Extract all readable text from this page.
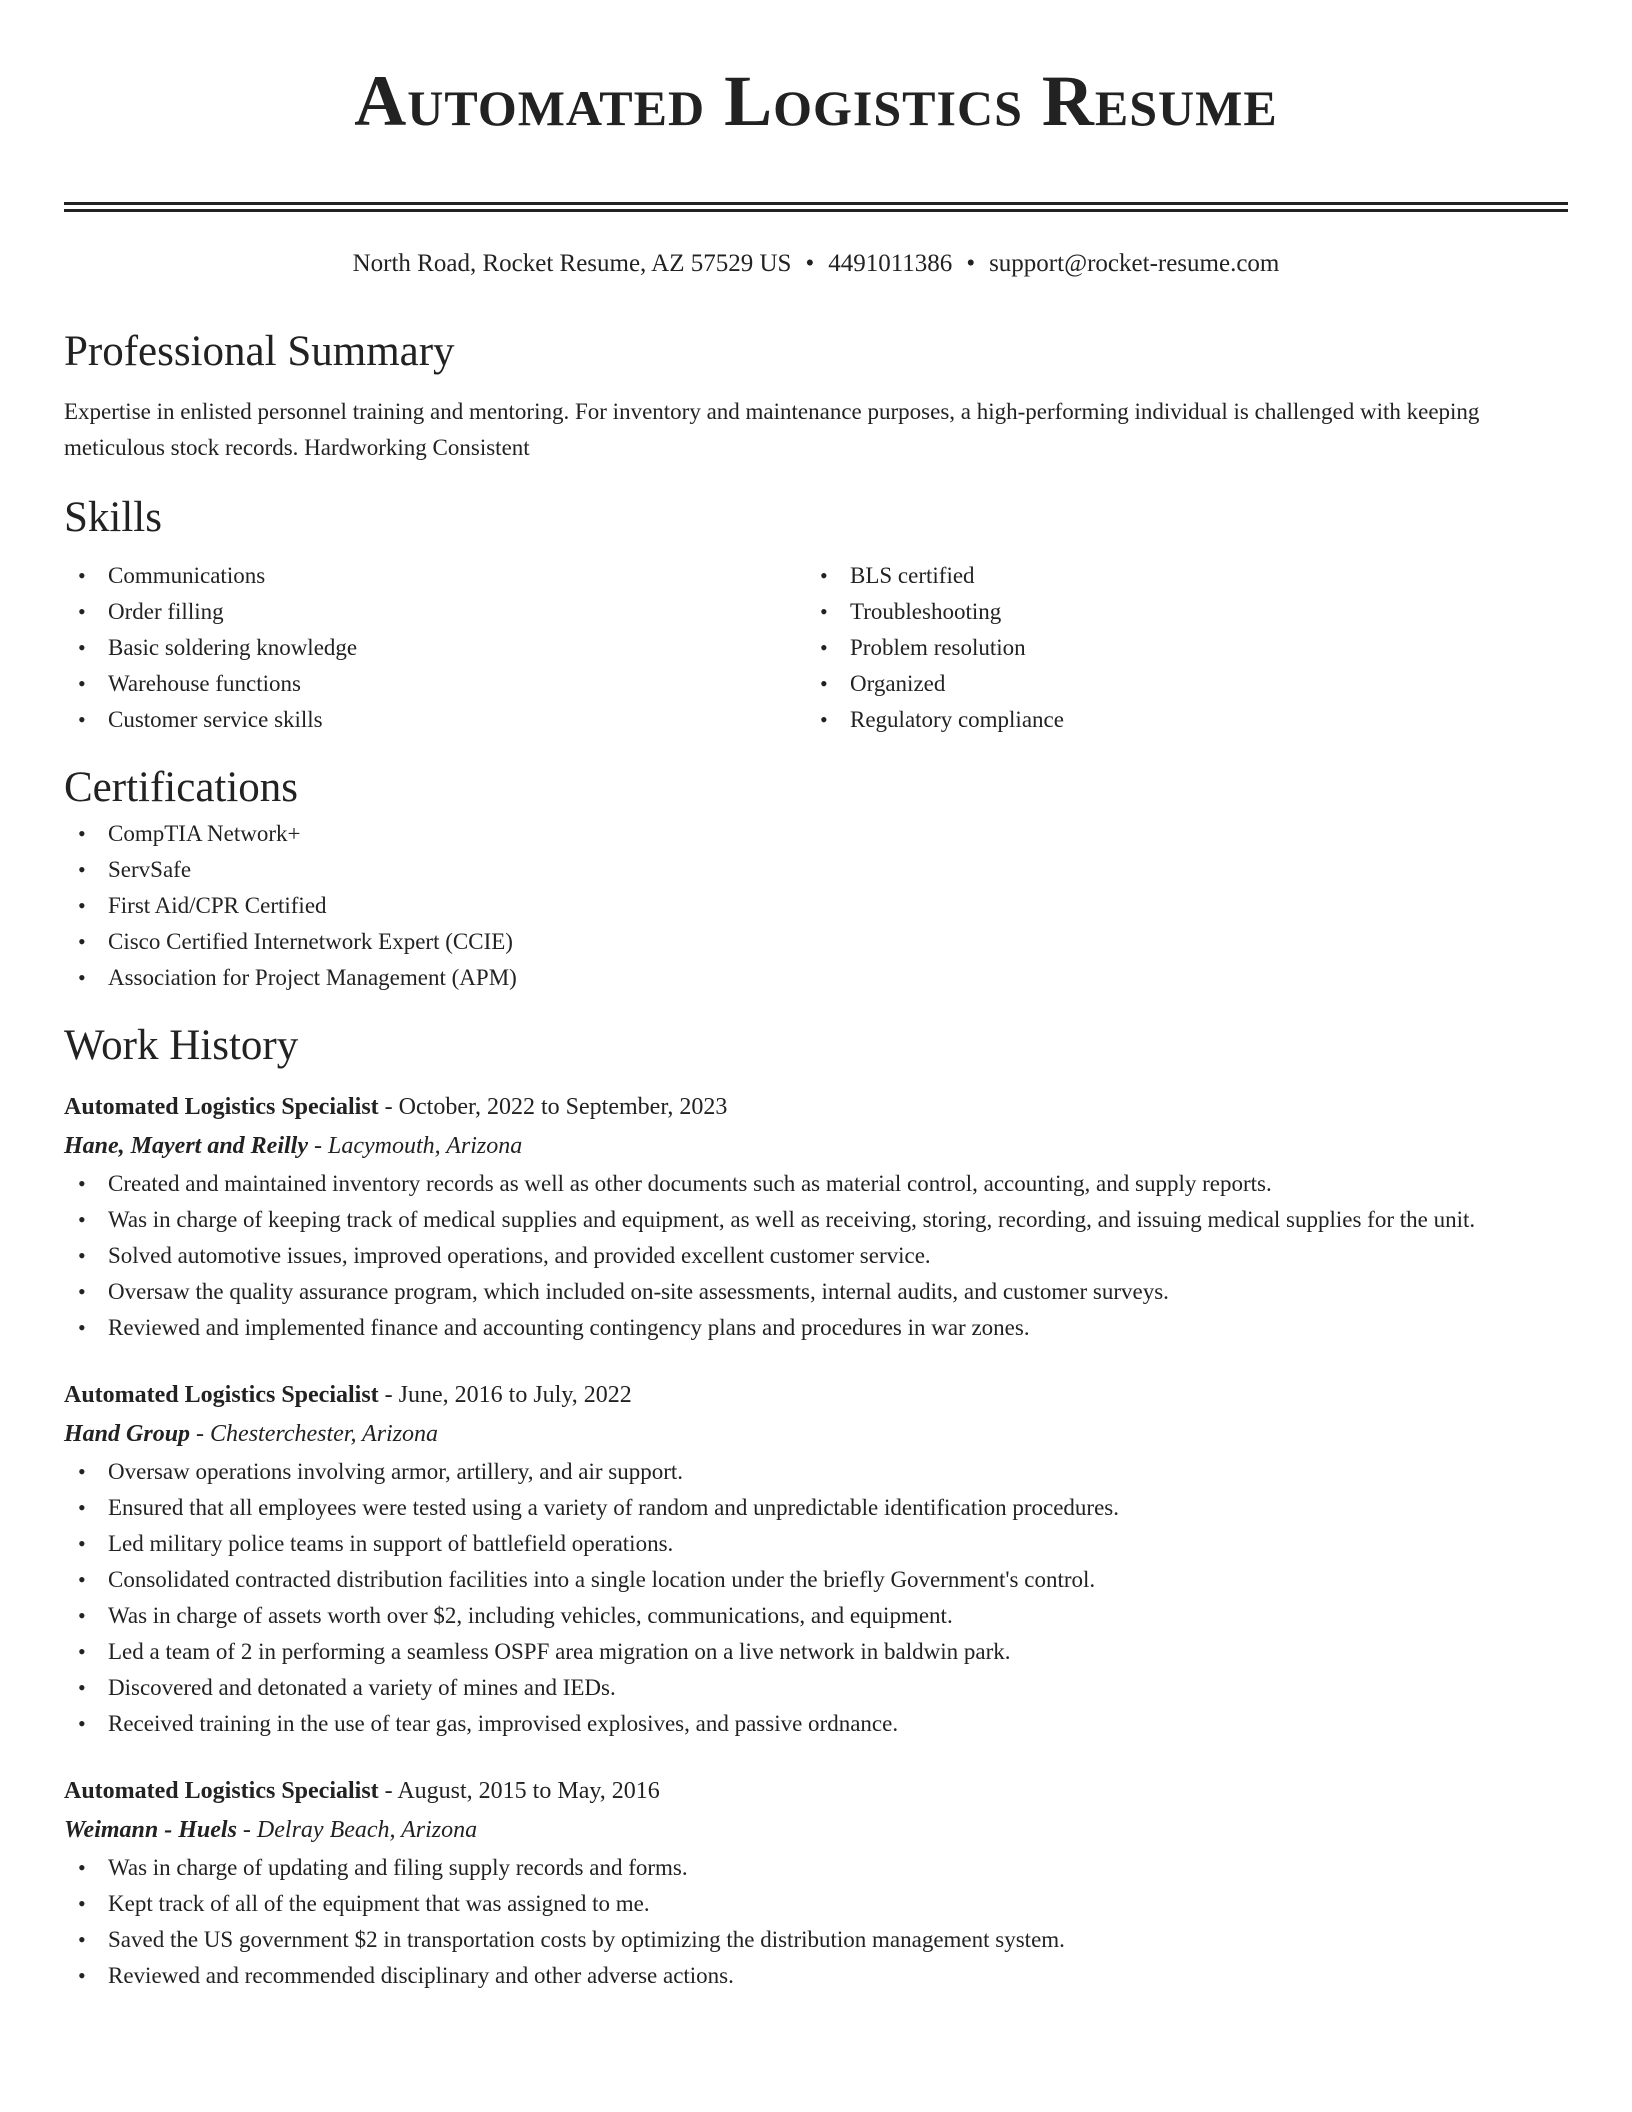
Automated Logistics Resume
North Road, Rocket Resume, AZ 57529 US • 4491011386 • support@rocket-resume.com
Professional Summary

Expertise in enlisted personnel training and mentoring. For inventory and maintenance purposes, a high-performing individual is challenged with keeping meticulous stock records. Hardworking Consistent

Skills
• Communications
• Order filling
• Basic soldering knowledge
• Warehouse functions
• Customer service skills
• BLS certified
• Troubleshooting
• Problem resolution
• Organized
• Regulatory compliance
Certifications
• CompTIA Network+
• ServSafe
• First Aid/CPR Certified
• Cisco Certified Internetwork Expert (CCIE)
• Association for Project Management (APM)
Work History
Automated Logistics Specialist - October, 2022 to September, 2023
Hane, Mayert and Reilly - Lacymouth, Arizona
• Created and maintained inventory records as well as other documents such as material control, accounting, and supply reports.
• Was in charge of keeping track of medical supplies and equipment, as well as receiving, storing, recording, and issuing medical supplies for the unit.
• Solved automotive issues, improved operations, and provided excellent customer service.
• Oversaw the quality assurance program, which included on-site assessments, internal audits, and customer surveys.
• Reviewed and implemented finance and accounting contingency plans and procedures in war zones.
Automated Logistics Specialist - June, 2016 to July, 2022
Hand Group - Chesterchester, Arizona
• Oversaw operations involving armor, artillery, and air support.
• Ensured that all employees were tested using a variety of random and unpredictable identification procedures.
• Led military police teams in support of battlefield operations.
• Consolidated contracted distribution facilities into a single location under the briefly Government's control.
• Was in charge of assets worth over $2, including vehicles, communications, and equipment.
• Led a team of 2 in performing a seamless OSPF area migration on a live network in baldwin park.
• Discovered and detonated a variety of mines and IEDs.
• Received training in the use of tear gas, improvised explosives, and passive ordnance.
Automated Logistics Specialist - August, 2015 to May, 2016
Weimann - Huels - Delray Beach, Arizona
• Was in charge of updating and filing supply records and forms.
• Kept track of all of the equipment that was assigned to me.
• Saved the US government $2 in transportation costs by optimizing the distribution management system.
• Reviewed and recommended disciplinary and other adverse actions.
